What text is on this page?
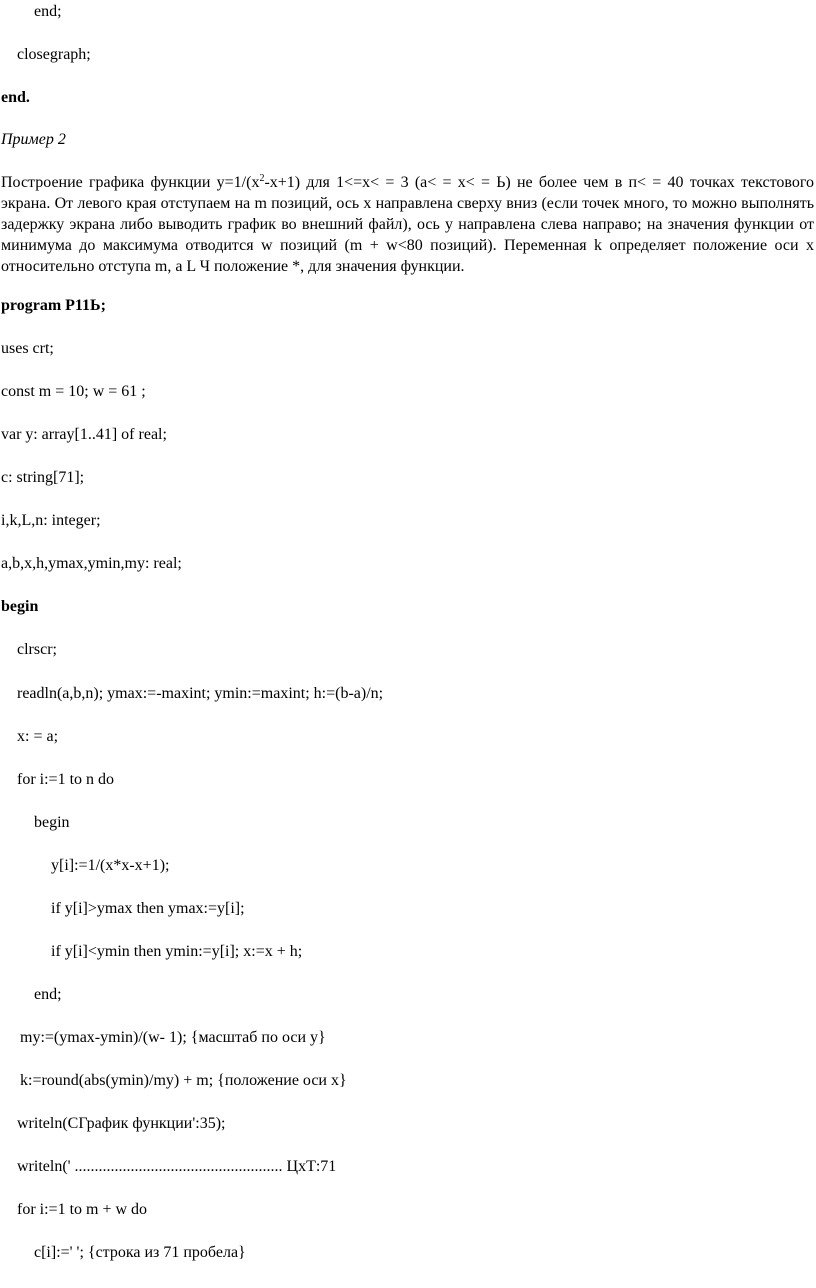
end;
closegraph;
end.
Пример 2

Построение графика функции $y=1/(x^2-x+1)$ для 1<=x< = 3 (а< = x< = Ь) не более чем в п< = 40 точках текстового экрана. От левого края отступаем на m позиций, ось x направлена сверху вниз (если точек много, то можно выполнять задержку экрана либо выводить график во внешний файл), ось у направлена слева направо; на значения функции от минимума до максимума отводится w позиций (m + w<80 позиций). Переменная k определяет положение оси x относительно отступа m, а L Ч положение *, для значения функции.

program Р11Ь;
uses crt;
const m = 10; w = 61 ;
var у: array[1..41] of real;
с: string[71];
i,k,L,n: integer;
a,b,x,h,ymax,ymin,my: real;
begin
clrscr;
readln(a,b,n); ymax:=-maxint; ymin:=maxint; h:=(b-a)/n;
x: = а;
for i:=1 to n do
begin
y[i]:=1/(x*x-x+1);
if y[i]>ymax then ymax:=y[i];
if y[i]<ymin then ymin:=y[i]; x:=x + h;
end;
my:=(ymax-ymin)/(w- 1); {масштаб по оси у}
k:=round(abs(ymin)/my) + m; {положение оси x}
writeln(СГрафик функции':35);
writeln(' .................................................... ЦхТ:71
for i:=1 to m + w do
c[i]:=' '; {строка из 71 пробела}
